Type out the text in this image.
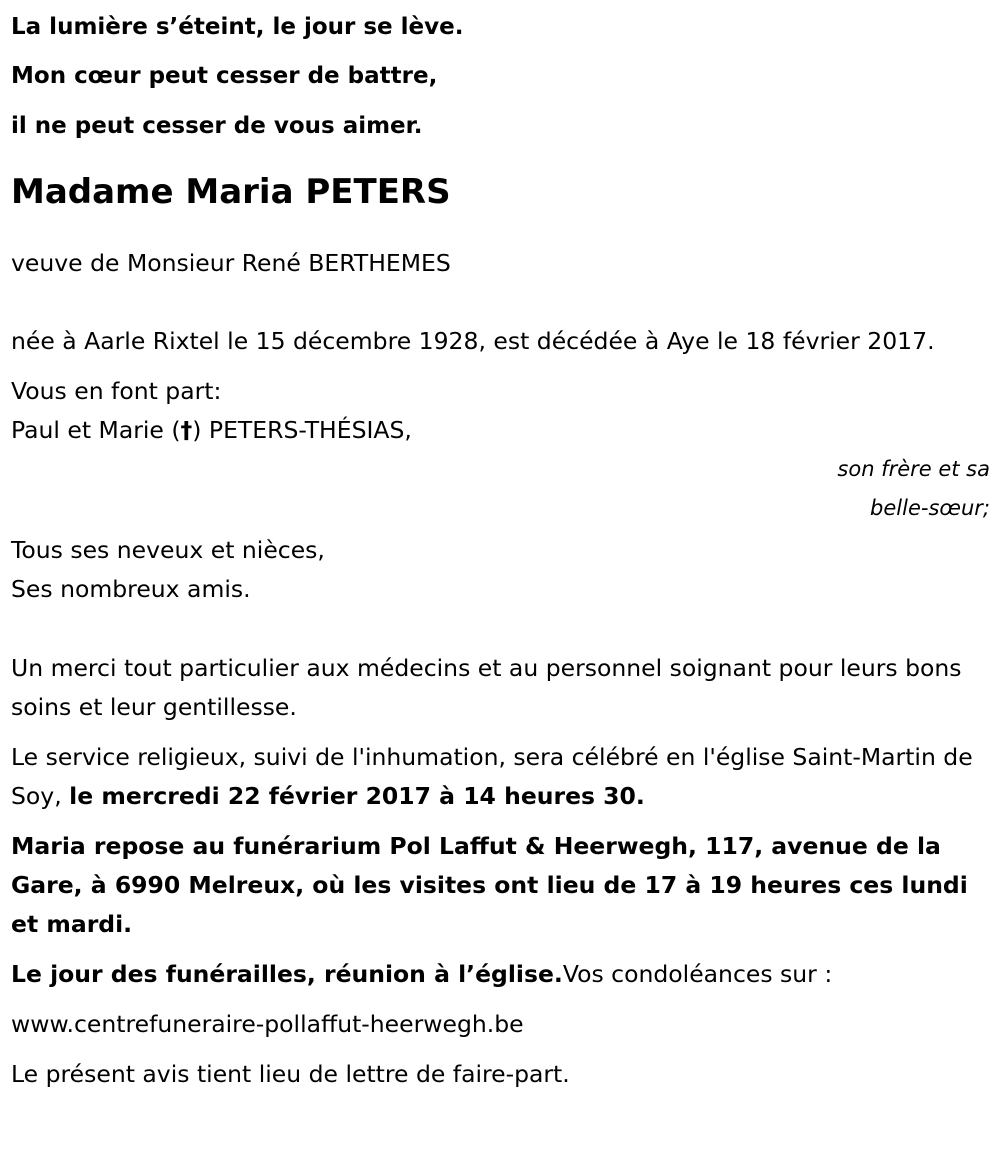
La lumière s’éteint, le jour se lève.
Mon cœur peut cesser de battre,
il ne peut cesser de vous aimer.
Madame Maria PETERS
veuve de Monsieur René BERTHEMES
née à Aarle Rixtel le 15 décembre 1928, est décédée à Aye le 18 février 2017.
Vous en font part:
Paul et Marie (†) PETERS-THÉSIAS,
son frère et sa
belle-sœur;
Tous ses neveux et nièces,
Ses nombreux amis.
Un merci tout particulier aux médecins et au personnel soignant pour leurs bons soins et leur gentillesse.
Le service religieux, suivi de l'inhumation, sera célébré en l'église Saint-Martin de Soy, le mercredi 22 février 2017 à 14 heures 30.
Maria repose au funérarium Pol Laffut & Heerwegh, 117, avenue de la Gare, à 6990 Melreux, où les visites ont lieu de 17 à 19 heures ces lundi et mardi.
Le jour des funérailles, réunion à l’église.Vos condoléances sur :
www.centrefuneraire-pollaffut-heerwegh.be
Le présent avis tient lieu de lettre de faire-part.
